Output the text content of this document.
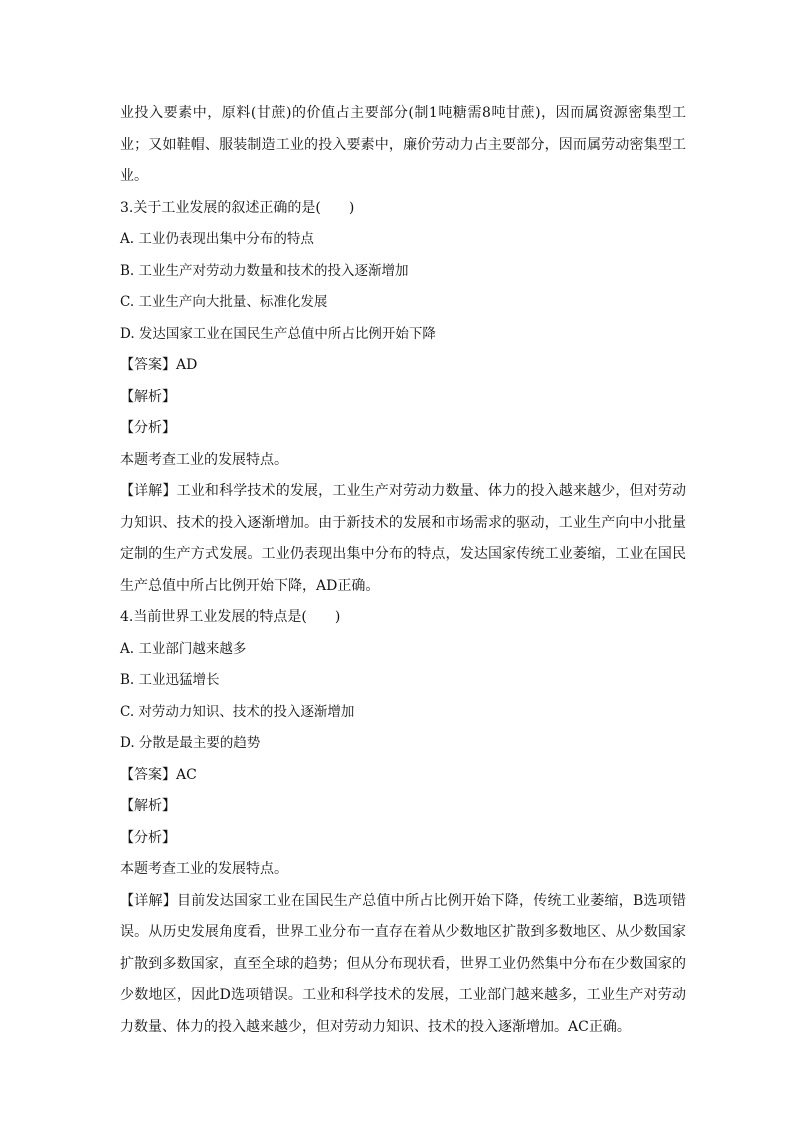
业投入要素中，原料(甘蔗)的价值占主要部分(制1吨糖需8吨甘蔗)，因而属资源密集型工业；又如鞋帽、服装制造工业的投入要素中，廉价劳动力占主要部分，因而属劳动密集型工业。

3.关于工业发展的叙述正确的是(　　)

A. 工业仍表现出集中分布的特点

B. 工业生产对劳动力数量和技术的投入逐渐增加

C. 工业生产向大批量、标准化发展

D. 发达国家工业在国民生产总值中所占比例开始下降

【答案】AD

【解析】

【分析】

本题考查工业的发展特点。

【详解】工业和科学技术的发展，工业生产对劳动力数量、体力的投入越来越少，但对劳动力知识、技术的投入逐渐增加。由于新技术的发展和市场需求的驱动，工业生产向中小批量定制的生产方式发展。工业仍表现出集中分布的特点，发达国家传统工业萎缩，工业在国民生产总值中所占比例开始下降，AD正确。

4.当前世界工业发展的特点是(　　)

A. 工业部门越来越多

B. 工业迅猛增长

C. 对劳动力知识、技术的投入逐渐增加

D. 分散是最主要的趋势

【答案】AC

【解析】

【分析】

本题考查工业的发展特点。

【详解】目前发达国家工业在国民生产总值中所占比例开始下降，传统工业萎缩，B选项错误。从历史发展角度看，世界工业分布一直存在着从少数地区扩散到多数地区、从少数国家扩散到多数国家，直至全球的趋势；但从分布现状看，世界工业仍然集中分布在少数国家的少数地区，因此D选项错误。工业和科学技术的发展，工业部门越来越多，工业生产对劳动力数量、体力的投入越来越少，但对劳动力知识、技术的投入逐渐增加。AC正确。
